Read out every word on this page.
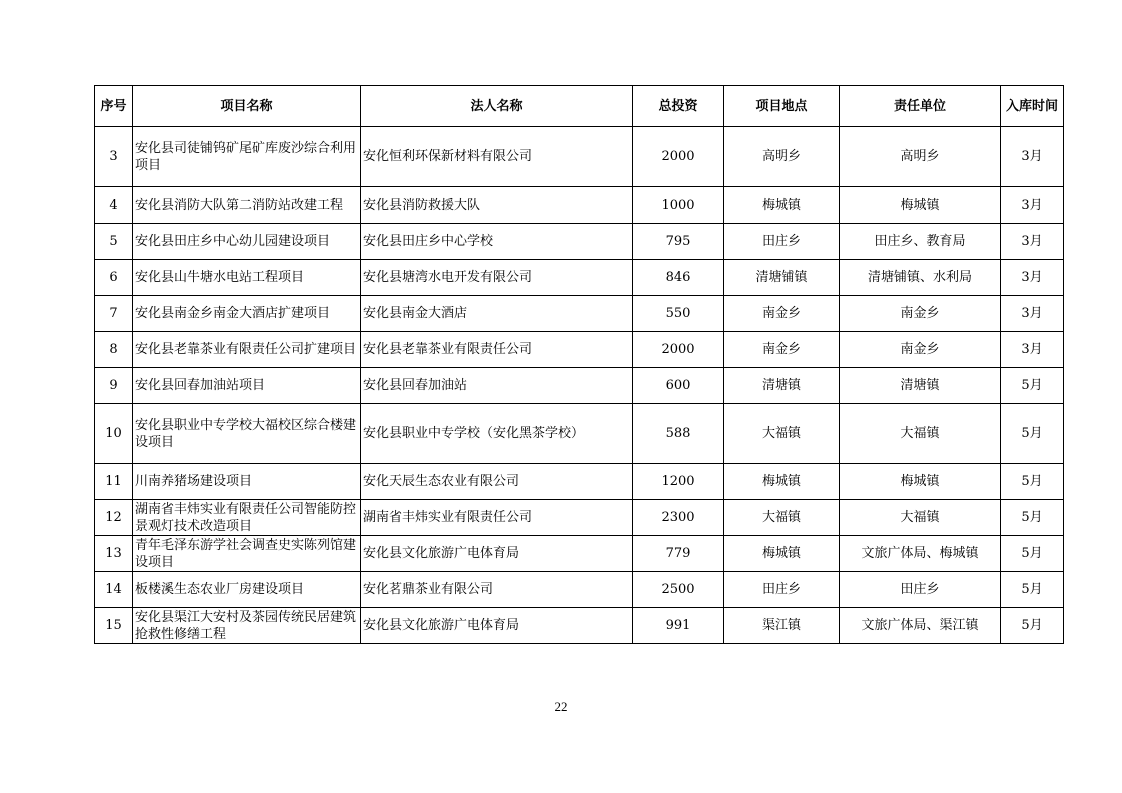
序号	项目名称	法人名称	总投资	项目地点	责任单位	入库时间
3	安化县司徒铺钨矿尾矿库废沙综合利用项目	安化恒利环保新材料有限公司	2000	高明乡	高明乡	3月
4	安化县消防大队第二消防站改建工程	安化县消防救援大队	1000	梅城镇	梅城镇	3月
5	安化县田庄乡中心幼儿园建设项目	安化县田庄乡中心学校	795	田庄乡	田庄乡、教育局	3月
6	安化县山牛塘水电站工程项目	安化县塘湾水电开发有限公司	846	清塘铺镇	清塘铺镇、水利局	3月
7	安化县南金乡南金大酒店扩建项目	安化县南金大酒店	550	南金乡	南金乡	3月
8	安化县老靠茶业有限责任公司扩建项目	安化县老靠茶业有限责任公司	2000	南金乡	南金乡	3月
9	安化县回春加油站项目	安化县回春加油站	600	清塘镇	清塘镇	5月
10	安化县职业中专学校大福校区综合楼建设项目	安化县职业中专学校（安化黑茶学校）	588	大福镇	大福镇	5月
11	川南养猪场建设项目	安化天辰生态农业有限公司	1200	梅城镇	梅城镇	5月
12	湖南省丰炜实业有限责任公司智能防控景观灯技术改造项目	湖南省丰炜实业有限责任公司	2300	大福镇	大福镇	5月
13	青年毛泽东游学社会调查史实陈列馆建设项目	安化县文化旅游广电体育局	779	梅城镇	文旅广体局、梅城镇	5月
14	板楼溪生态农业厂房建设项目	安化茗鼎茶业有限公司	2500	田庄乡	田庄乡	5月
15	安化县渠江大安村及茶园传统民居建筑抢救性修缮工程	安化县文化旅游广电体育局	991	渠江镇	文旅广体局、渠江镇	5月
22
